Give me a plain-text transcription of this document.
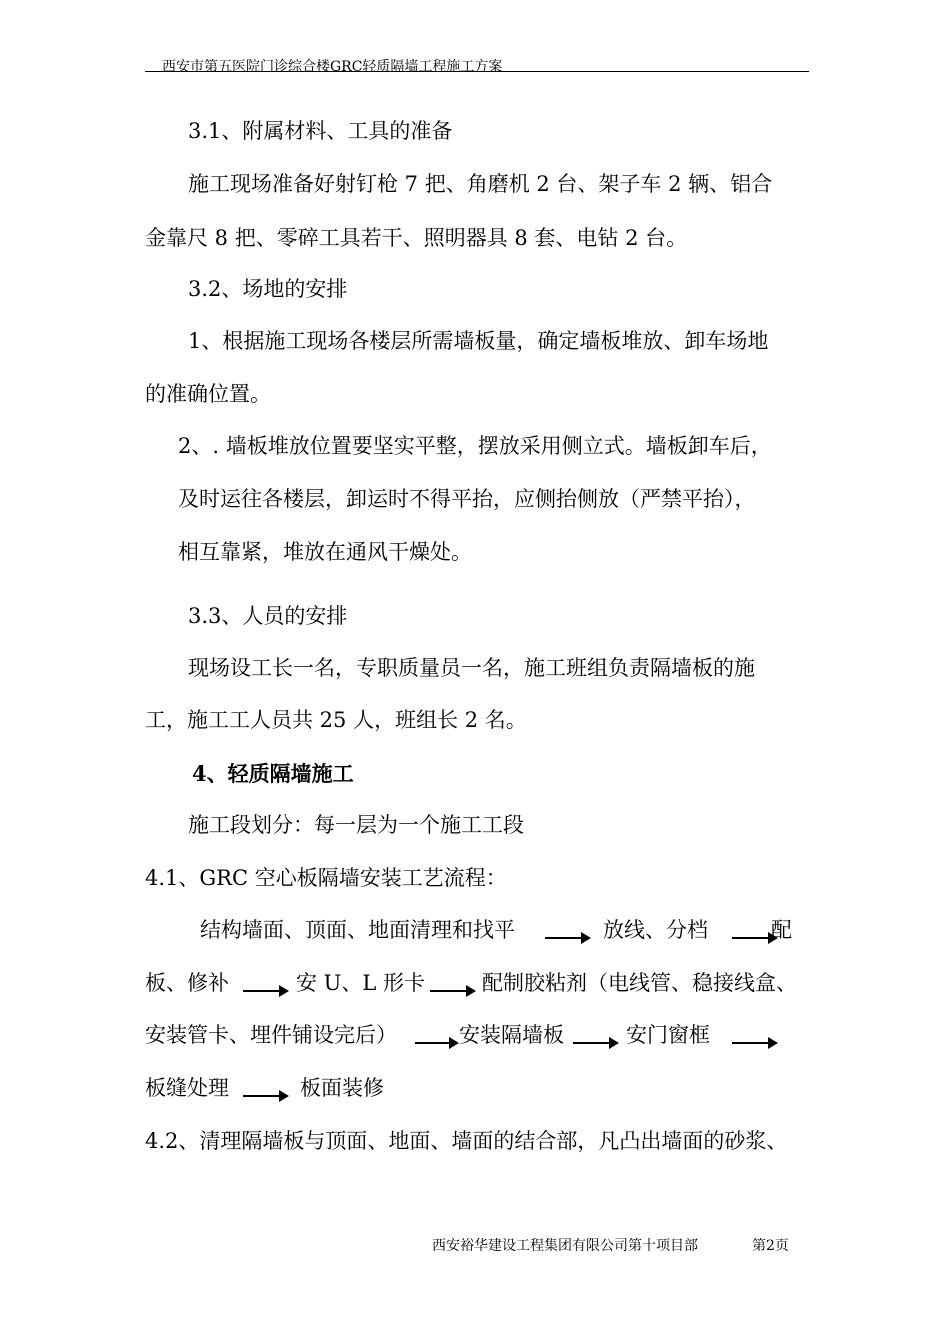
西安市第五医院门诊综合楼GRC轻质隔墙工程施工方案
3.1、附属材料、工具的准备
施工现场准备好射钉枪 7 把、角磨机 2 台、架子车 2 辆、铝合
金靠尺 8 把、零碎工具若干、照明器具 8 套、电钻 2 台。
3.2、场地的安排
1、根据施工现场各楼层所需墙板量，确定墙板堆放、卸车场地
的准确位置。
2、. 墙板堆放位置要坚实平整，摆放采用侧立式。墙板卸车后，
及时运往各楼层，卸运时不得平抬，应侧抬侧放（严禁平抬），
相互靠紧，堆放在通风干燥处。
3.3、人员的安排
现场设工长一名，专职质量员一名，施工班组负责隔墙板的施
工，施工工人员共 25 人，班组长 2 名。
4、轻质隔墙施工
施工段划分：每一层为一个施工工段
4.1、GRC 空心板隔墙安装工艺流程：
结构墙面、顶面、地面清理和找平	放线、分档	配
板、修补	安 U、L 形卡	配制胶粘剂（电线管、稳接线盒、
安装管卡、埋件铺设完后）	安装隔墙板	安门窗框
板缝处理	板面装修
4.2、清理隔墙板与顶面、地面、墙面的结合部，凡凸出墙面的砂浆、
西安裕华建设工程集团有限公司第十项目部	第2页
